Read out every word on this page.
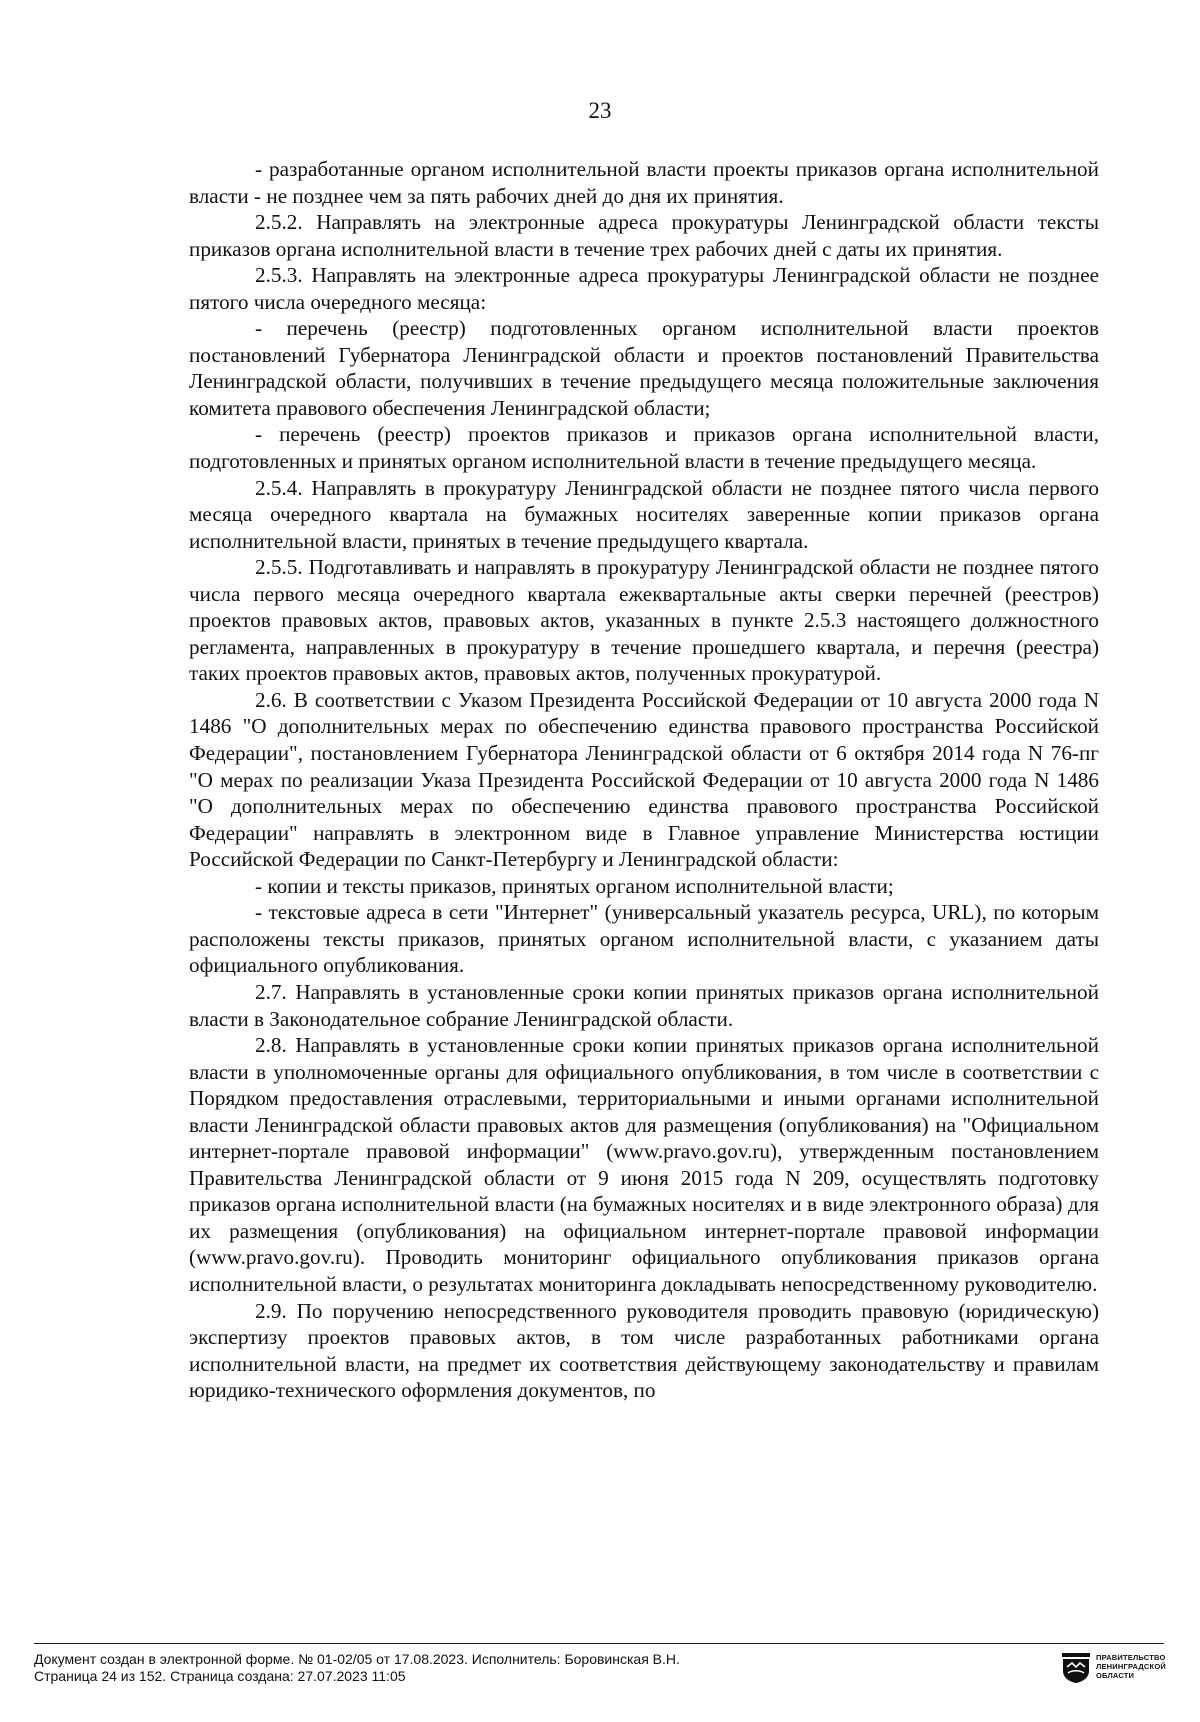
23

- разработанные органом исполнительной власти проекты приказов органа исполнительной власти - не позднее чем за пять рабочих дней до дня их принятия.

2.5.2. Направлять на электронные адреса прокуратуры Ленинградской области тексты приказов органа исполнительной власти в течение трех рабочих дней с даты их принятия.

2.5.3. Направлять на электронные адреса прокуратуры Ленинградской области не позднее пятого числа очередного месяца:

- перечень (реестр) подготовленных органом исполнительной власти проектов постановлений Губернатора Ленинградской области и проектов постановлений Правительства Ленинградской области, получивших в течение предыдущего месяца положительные заключения комитета правового обеспечения Ленинградской области;

- перечень (реестр) проектов приказов и приказов органа исполнительной власти, подготовленных и принятых органом исполнительной власти в течение предыдущего месяца.

2.5.4. Направлять в прокуратуру Ленинградской области не позднее пятого числа первого месяца очередного квартала на бумажных носителях заверенные копии приказов органа исполнительной власти, принятых в течение предыдущего квартала.

2.5.5. Подготавливать и направлять в прокуратуру Ленинградской области не позднее пятого числа первого месяца очередного квартала ежеквартальные акты сверки перечней (реестров) проектов правовых актов, правовых актов, указанных в пункте 2.5.3 настоящего должностного регламента, направленных в прокуратуру в течение прошедшего квартала, и перечня (реестра) таких проектов правовых актов, правовых актов, полученных прокуратурой.

2.6. В соответствии с Указом Президента Российской Федерации от 10 августа 2000 года N 1486 "О дополнительных мерах по обеспечению единства правового пространства Российской Федерации", постановлением Губернатора Ленинградской области от 6 октября 2014 года N 76-пг "О мерах по реализации Указа Президента Российской Федерации от 10 августа 2000 года N 1486 "О дополнительных мерах по обеспечению единства правового пространства Российской Федерации" направлять в электронном виде в Главное управление Министерства юстиции Российской Федерации по Санкт-Петербургу и Ленинградской области:

- копии и тексты приказов, принятых органом исполнительной власти;

- текстовые адреса в сети "Интернет" (универсальный указатель ресурса, URL), по которым расположены тексты приказов, принятых органом исполнительной власти, с указанием даты официального опубликования.

2.7. Направлять в установленные сроки копии принятых приказов органа исполнительной власти в Законодательное собрание Ленинградской области.

2.8. Направлять в установленные сроки копии принятых приказов органа исполнительной власти в уполномоченные органы для официального опубликования, в том числе в соответствии с Порядком предоставления отраслевыми, территориальными и иными органами исполнительной власти Ленинградской области правовых актов для размещения (опубликования) на "Официальном интернет-портале правовой информации" (www.pravo.gov.ru), утвержденным постановлением Правительства Ленинградской области от 9 июня 2015 года N 209, осуществлять подготовку приказов органа исполнительной власти (на бумажных носителях и в виде электронного образа) для их размещения (опубликования) на официальном интернет-портале правовой информации (www.pravo.gov.ru). Проводить мониторинг официального опубликования приказов органа исполнительной власти, о результатах мониторинга докладывать непосредственному руководителю.

2.9. По поручению непосредственного руководителя проводить правовую (юридическую) экспертизу проектов правовых актов, в том числе разработанных работниками органа исполнительной власти, на предмет их соответствия действующему законодательству и правилам юридико-технического оформления документов, по

Документ создан в электронной форме. № 01-02/05 от 17.08.2023. Исполнитель: Боровинская В.Н.
Страница 24 из 152. Страница создана: 27.07.2023 11:05
ПРАВИТЕЛЬСТВО
ЛЕНИНГРАДСКОЙ
ОБЛАСТИ
